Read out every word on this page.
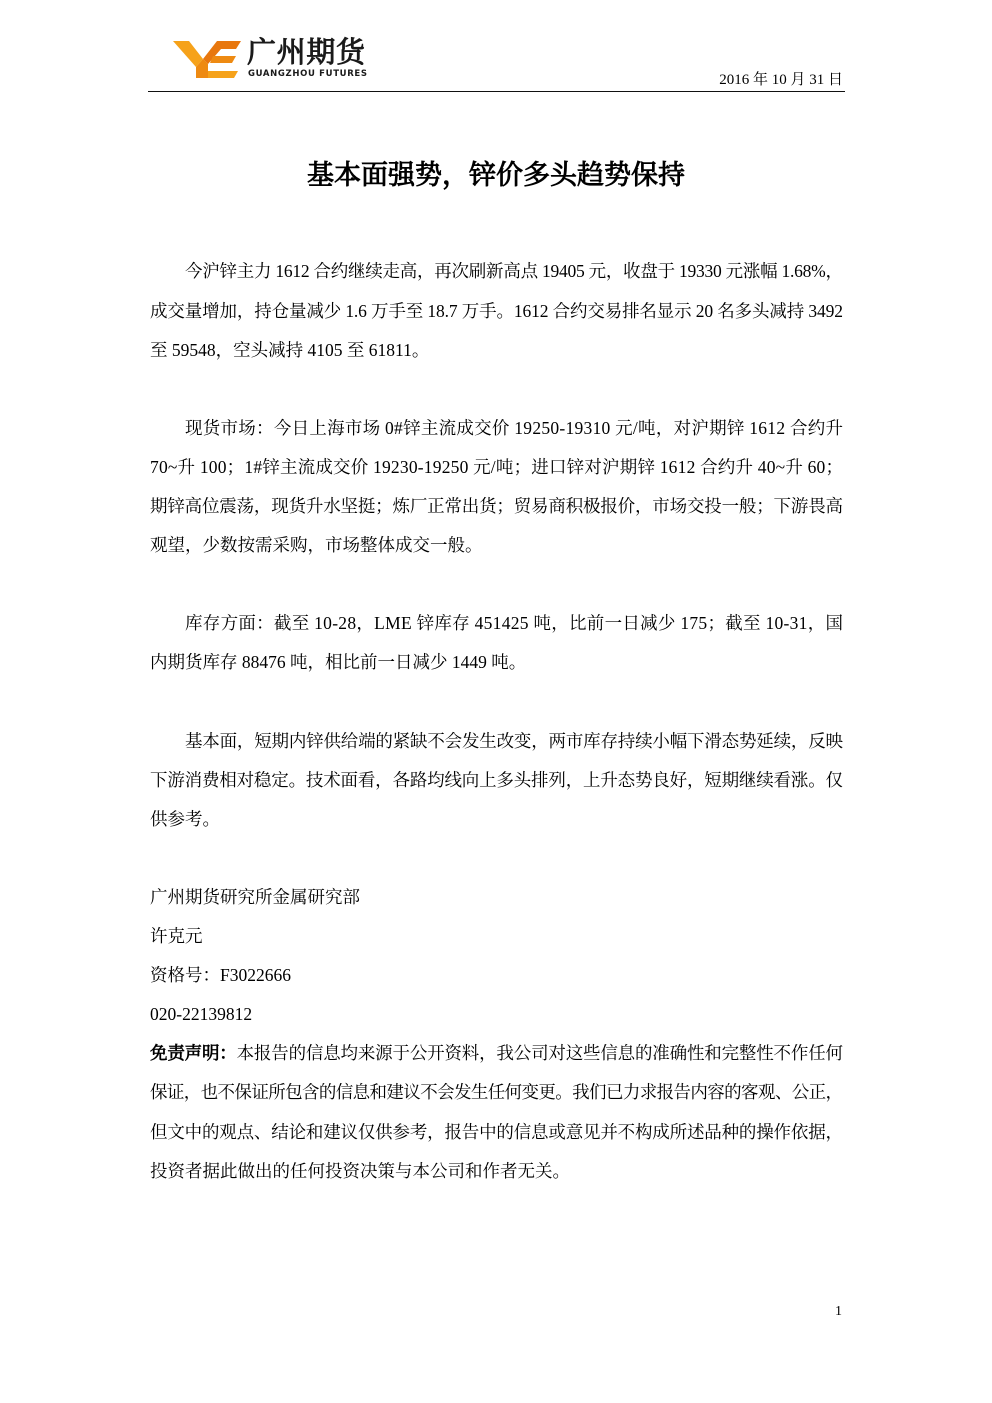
广州期货
GUANGZHOU FUTURES	2016 年 10 月 31 日
基本面强势，锌价多头趋势保持
今沪锌主力 1612 合约继续走高，再次刷新高点 19405 元，收盘于 19330 元涨幅 1.68%，
成交量增加，持仓量减少 1.6 万手至 18.7 万手。1612 合约交易排名显示 20 名多头减持 3492
至 59548，空头减持 4105 至 61811。
现货市场：今日上海市场 0#锌主流成交价 19250-19310 元/吨，对沪期锌 1612 合约升
70~升 100；1#锌主流成交价 19230-19250 元/吨；进口锌对沪期锌 1612 合约升 40~升 60；
期锌高位震荡，现货升水坚挺；炼厂正常出货；贸易商积极报价，市场交投一般；下游畏高
观望，少数按需采购，市场整体成交一般。
库存方面：截至 10-28，LME 锌库存 451425 吨，比前一日减少 175；截至 10-31，国
内期货库存 88476 吨，相比前一日减少 1449 吨。
基本面，短期内锌供给端的紧缺不会发生改变，两市库存持续小幅下滑态势延续，反映
下游消费相对稳定。技术面看，各路均线向上多头排列，上升态势良好，短期继续看涨。仅
供参考。
广州期货研究所金属研究部
许克元
资格号：F3022666
020-22139812
免责声明：本报告的信息均来源于公开资料，我公司对这些信息的准确性和完整性不作任何
保证，也不保证所包含的信息和建议不会发生任何变更。我们已力求报告内容的客观、公正，
但文中的观点、结论和建议仅供参考，报告中的信息或意见并不构成所述品种的操作依据，
投资者据此做出的任何投资决策与本公司和作者无关。
1
